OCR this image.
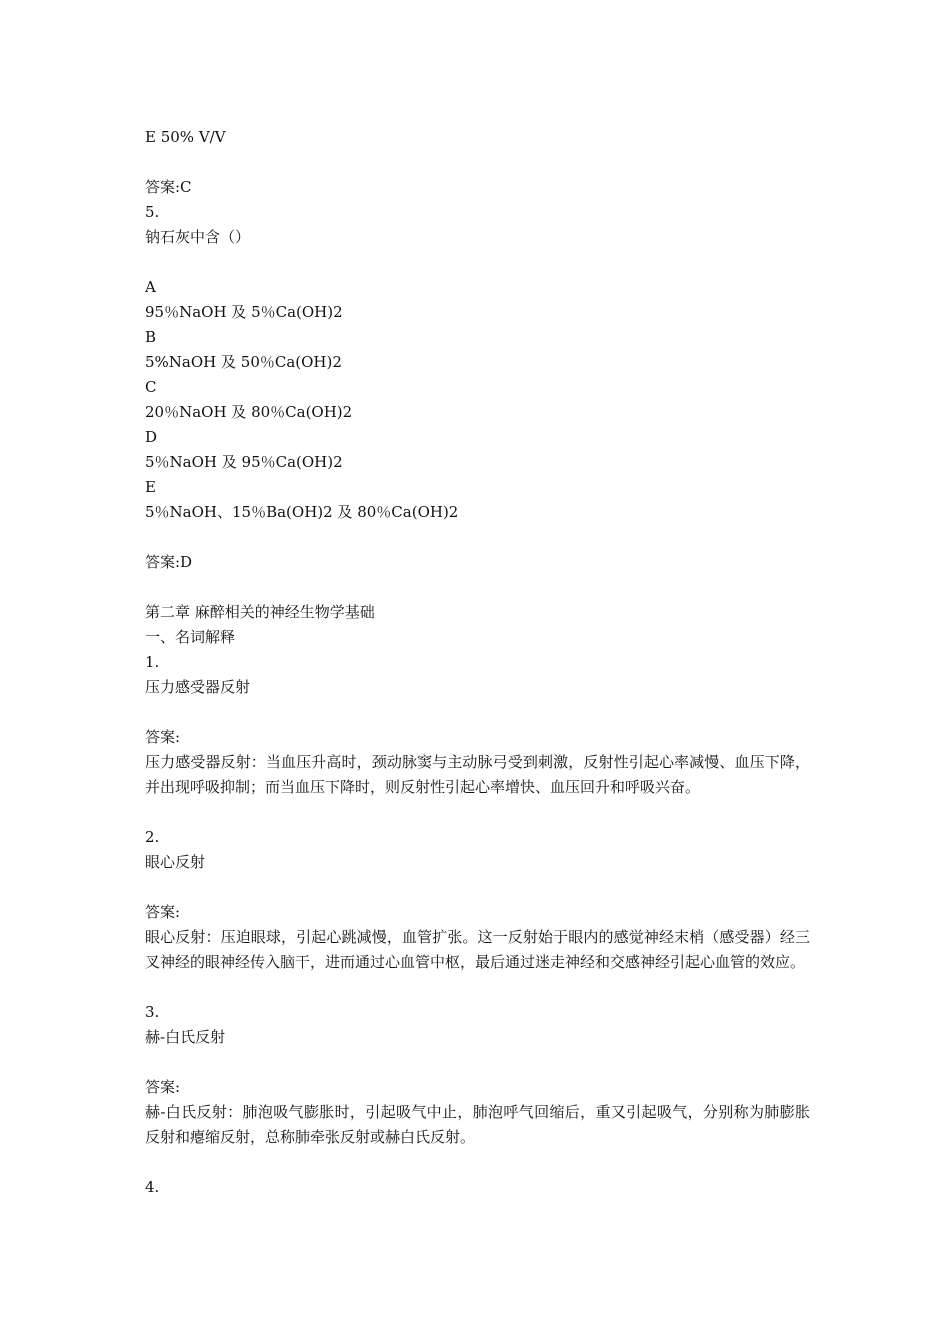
E 50% V/V
答案:C
5.
钠石灰中含（）
A
95％NaOH 及 5％Ca(OH)2
B
5%NaOH 及 50％Ca(OH)2
C
20％NaOH 及 80％Ca(OH)2
D
5％NaOH 及 95％Ca(OH)2
E
5％NaOH、15％Ba(OH)2 及 80％Ca(OH)2
答案:D
第二章 麻醉相关的神经生物学基础
一、名词解释
1.
压力感受器反射
答案:
压力感受器反射：当血压升高时，颈动脉窦与主动脉弓受到刺激，反射性引起心率减慢、血压下降，并出现呼吸抑制；而当血压下降时，则反射性引起心率增快、血压回升和呼吸兴奋。
2.
眼心反射
答案:
眼心反射：压迫眼球，引起心跳减慢，血管扩张。这一反射始于眼内的感觉神经末梢（感受器）经三叉神经的眼神经传入脑干，进而通过心血管中枢，最后通过迷走神经和交感神经引起心血管的效应。
3.
赫-白氏反射
答案:
赫-白氏反射：肺泡吸气膨胀时，引起吸气中止，肺泡呼气回缩后，重又引起吸气，分别称为肺膨胀反射和瘪缩反射，总称肺牵张反射或赫白氏反射。
4.
